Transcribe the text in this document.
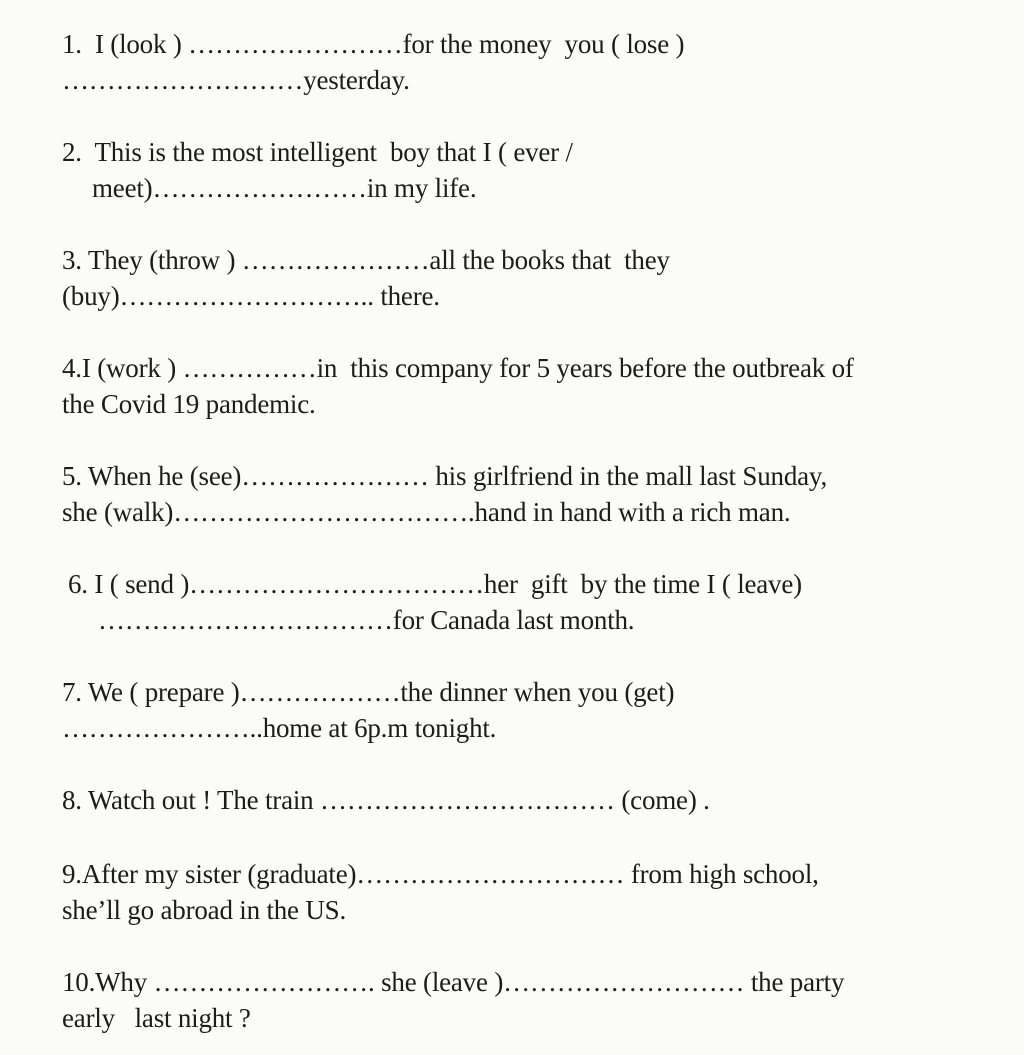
1.  I (look ) ……………………for the money  you ( lose )
………………………yesterday.
2.  This is the most intelligent  boy that I ( ever /
meet)……………………in my life.
3. They (throw ) …………………all the books that  they
(buy)……………………….. there.
4.I (work ) ……………in  this company for 5 years before the outbreak of
the Covid 19 pandemic.
5. When he (see)………………… his girlfriend in the mall last Sunday,
she (walk)…………………………….hand in hand with a rich man.
6. I ( send )……………………………her  gift  by the time I ( leave)
……………………………for Canada last month.
7. We ( prepare )………………the dinner when you (get)
…………………..home at 6p.m tonight.
8. Watch out ! The train …………………………… (come) .
9.After my sister (graduate)………………………… from high school,
she’ll go abroad in the US.
10.Why ……………………. she (leave )……………………… the party
early   last night ?
